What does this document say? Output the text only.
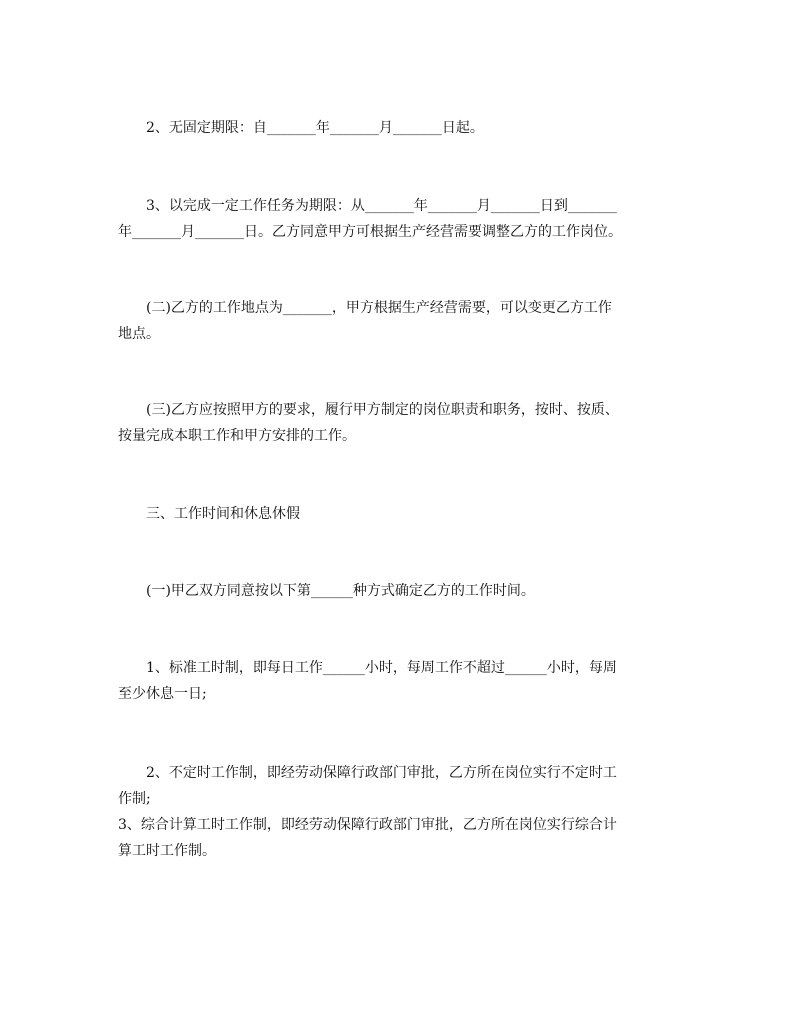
2、无固定期限：自_______年_______月_______日起。

3、以完成一定工作任务为期限：从_______年_______月_______日到_______
年_______月_______日。乙方同意甲方可根据生产经营需要调整乙方的工作岗位。

(二)乙方的工作地点为_______，甲方根据生产经营需要，可以变更乙方工作
地点。

(三)乙方应按照甲方的要求，履行甲方制定的岗位职责和职务，按时、按质、
按量完成本职工作和甲方安排的工作。

三、工作时间和休息休假

(一)甲乙双方同意按以下第______种方式确定乙方的工作时间。

1、标准工时制，即每日工作______小时，每周工作不超过______小时，每周
至少休息一日;

2、不定时工作制，即经劳动保障行政部门审批，乙方所在岗位实行不定时工
作制;
3、综合计算工时工作制，即经劳动保障行政部门审批，乙方所在岗位实行综合计
算工时工作制。
